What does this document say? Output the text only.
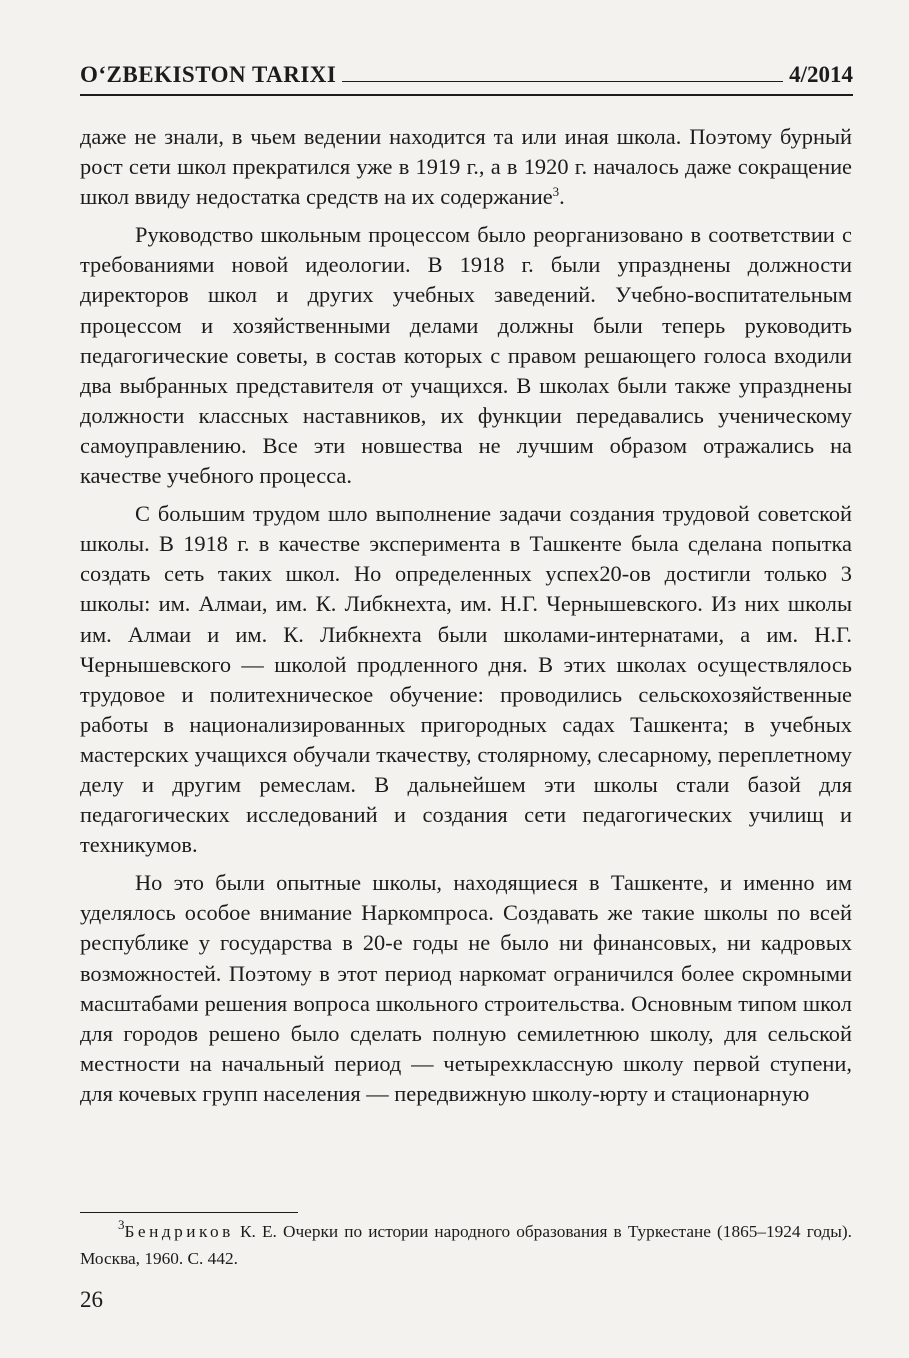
O‘ZBEKISTON TARIXI	4/2014

даже не знали, в чьем ведении находится та или иная школа. Поэтому бурный рост сети школ прекратился уже в 1919 г., а в 1920 г. началось даже сокращение школ ввиду недостатка средств на их содержание$^3$.

Руководство школьным процессом было реорганизовано в соответствии с требованиями новой идеологии. В 1918 г. были упразднены должности директоров школ и других учебных заведений. Учебно-воспитательным процессом и хозяйственными делами должны были теперь руководить педагогические советы, в состав которых с правом решающего голоса входили два выбранных представителя от учащихся. В школах были также упразднены должности классных наставников, их функции передавались ученическому самоуправлению. Все эти новшества не лучшим образом отражались на качестве учебного процесса.

С большим трудом шло выполнение задачи создания трудовой советской школы. В 1918 г. в качестве эксперимента в Ташкенте была сделана попытка создать сеть таких школ. Но определенных успех20-ов достигли только 3 школы: им. Алмаи, им. К. Либкнехта, им. Н.Г. Чернышевского. Из них школы им. Алмаи и им. К. Либкнехта были школами-интернатами, а им. Н.Г. Чернышевского — школой продленного дня. В этих школах осуществлялось трудовое и политехническое обучение: проводились сельскохозяйственные работы в национализированных пригородных садах Ташкента; в учебных мастерских учащихся обучали ткачеству, столярному, слесарному, переплетному делу и другим ремеслам. В дальнейшем эти школы стали базой для педагогических исследований и создания сети педагогических училищ и техникумов.

Но это были опытные школы, находящиеся в Ташкенте, и именно им уделялось особое внимание Наркомпроса. Создавать же такие школы по всей республике у государства в 20-е годы не было ни финансовых, ни кадровых возможностей. Поэтому в этот период наркомат ограничился более скромными масштабами решения вопроса школьного строительства. Основным типом школ для городов решено было сделать полную семилетнюю школу, для сельской местности на начальный период — четырехклассную школу первой ступени, для кочевых групп населения — передвижную школу-юрту и стационарную

$^3$Бендриков К. Е. Очерки по истории народного образования в Туркестане (1865–1924 годы). Москва, 1960. С. 442.
26
